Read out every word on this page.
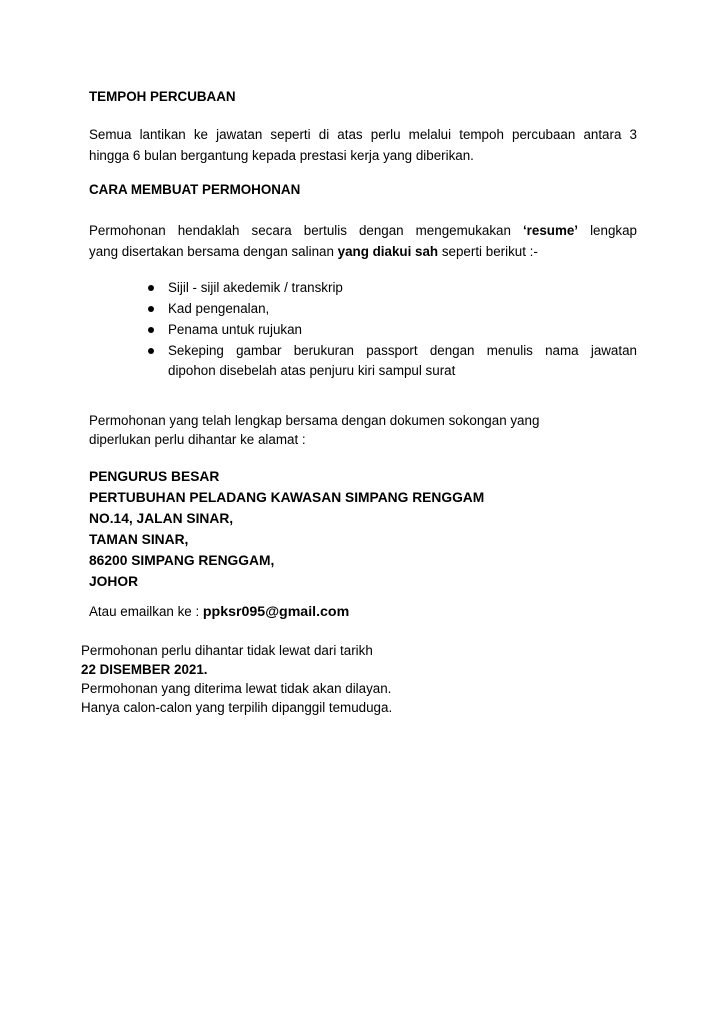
TEMPOH PERCUBAAN
Semua lantikan ke jawatan seperti di atas perlu melalui tempoh percubaan antara 3
hingga 6 bulan bergantung kepada prestasi kerja yang diberikan.
CARA MEMBUAT PERMOHONAN
Permohonan hendaklah secara bertulis dengan mengemukakan ‘resume’ lengkap
yang disertakan bersama dengan salinan yang diakui sah seperti berikut :-
Sijil - sijil akedemik / transkrip
Kad pengenalan,
Penama untuk rujukan
Sekeping gambar berukuran passport dengan menulis nama jawatan
dipohon disebelah atas penjuru kiri sampul surat
Permohonan yang telah lengkap bersama dengan dokumen sokongan yang
diperlukan perlu dihantar ke alamat :
PENGURUS BESAR
PERTUBUHAN PELADANG KAWASAN SIMPANG RENGGAM
NO.14, JALAN SINAR,
TAMAN SINAR,
86200 SIMPANG RENGGAM,
JOHOR
Atau emailkan ke : ppksr095@gmail.com
Permohonan perlu dihantar tidak lewat dari tarikh
22 DISEMBER 2021.
Permohonan yang diterima lewat tidak akan dilayan.
Hanya calon-calon yang terpilih dipanggil temuduga.
